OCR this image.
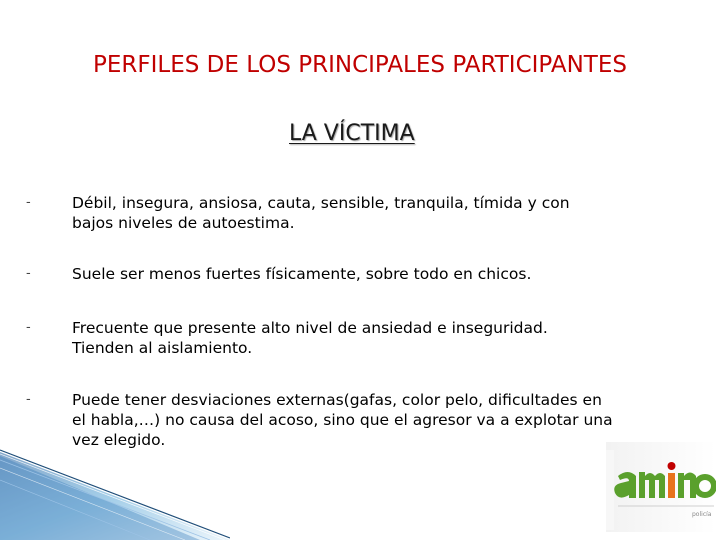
PERFILES DE LOS PRINCIPALES PARTICIPANTES
LA VÍCTIMA
-	Débil, insegura, ansiosa, cauta, sensible, tranquila, tímida y con
bajos niveles de autoestima.
-	Suele ser menos fuertes físicamente, sobre todo en chicos.
-	Frecuente que presente alto nivel de ansiedad e inseguridad.
Tienden al aislamiento.
-	Puede tener desviaciones externas(gafas, color pelo, dificultades en
el habla,…) no causa del acoso, sino que el agresor va a explotar una
vez elegido.
policía
